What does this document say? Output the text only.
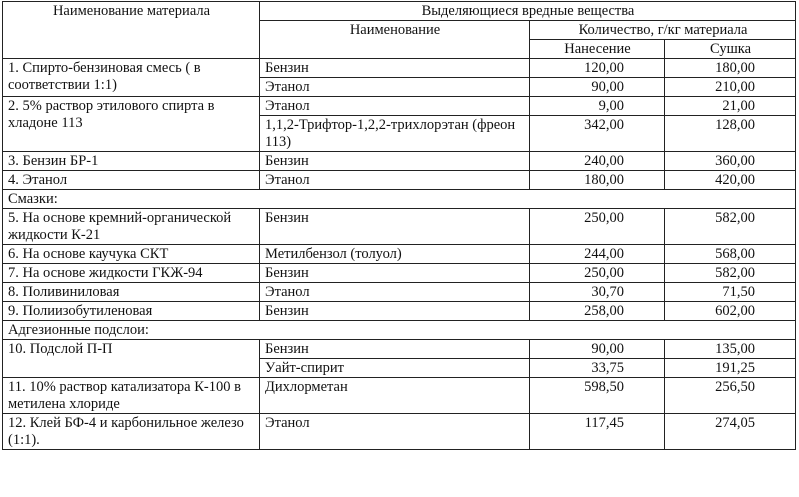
Наименование материала	Выделяющиеся вредные вещества		
	Наименование	Количество, г/кг материала	
		Нанесение	Сушка
1. Спирто-бензиновая смесь ( в соответствии 1:1)	Бензин	120,00	180,00
	Этанол	90,00	210,00
2. 5% раствор этилового спирта в хладоне 113	Этанол	9,00	21,00
	1,1,2-Трифтор-1,2,2-трихлорэтан (фреон 113)	342,00	128,00
3. Бензин БР-1	Бензин	240,00	360,00
4. Этанол	Этанол	180,00	420,00
Смазки:			
5. На основе кремний-органической жидкости К-21	Бензин	250,00	582,00
6. На основе каучука СКТ	Метилбензол (толуол)	244,00	568,00
7. На основе жидкости ГКЖ-94	Бензин	250,00	582,00
8. Поливиниловая	Этанол	30,70	71,50
9. Полиизобутиленовая	Бензин	258,00	602,00
Адгезионные подслои:			
10. Подслой П-П	Бензин	90,00	135,00
	Уайт-спирит	33,75	191,25
11. 10% раствор катализатора К-100 в метилена хлориде	Дихлорметан	598,50	256,50
12. Клей БФ-4 и карбонильное железо (1:1).	Этанол	117,45	274,05
